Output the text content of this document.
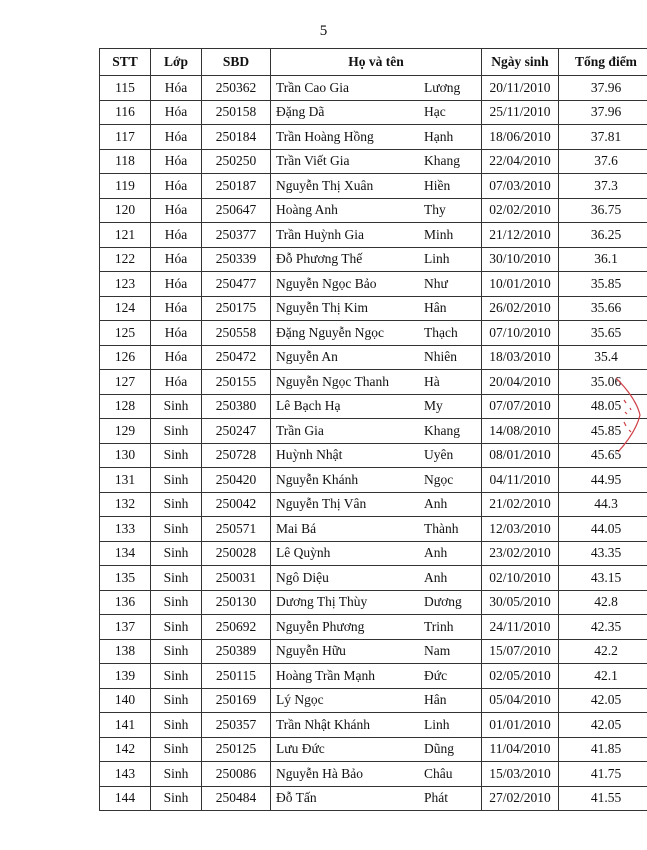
5
STT	Lớp	SBD	Họ và tên	Ngày sinh	Tổng điểm
115	Hóa	250362	Trần Cao Gia Lương	20/11/2010	37.96
116	Hóa	250158	Đặng Dã Hạc	25/11/2010	37.96
117	Hóa	250184	Trần Hoàng Hồng Hạnh	18/06/2010	37.81
118	Hóa	250250	Trần Viết Gia Khang	22/04/2010	37.6
119	Hóa	250187	Nguyễn Thị Xuân Hiền	07/03/2010	37.3
120	Hóa	250647	Hoàng Anh Thy	02/02/2010	36.75
121	Hóa	250377	Trần Huỳnh Gia Minh	21/12/2010	36.25
122	Hóa	250339	Đỗ Phương Thế Linh	30/10/2010	36.1
123	Hóa	250477	Nguyễn Ngọc Bảo Như	10/01/2010	35.85
124	Hóa	250175	Nguyễn Thị Kim Hân	26/02/2010	35.66
125	Hóa	250558	Đặng Nguyễn Ngọc Thạch	07/10/2010	35.65
126	Hóa	250472	Nguyễn An Nhiên	18/03/2010	35.4
127	Hóa	250155	Nguyễn Ngọc Thanh Hà	20/04/2010	35.06
128	Sinh	250380	Lê Bạch Hạ My	07/07/2010	48.05
129	Sinh	250247	Trần Gia Khang	14/08/2010	45.85
130	Sinh	250728	Huỳnh Nhật Uyên	08/01/2010	45.65
131	Sinh	250420	Nguyễn Khánh Ngọc	04/11/2010	44.95
132	Sinh	250042	Nguyễn Thị Vân Anh	21/02/2010	44.3
133	Sinh	250571	Mai Bá Thành	12/03/2010	44.05
134	Sinh	250028	Lê Quỳnh Anh	23/02/2010	43.35
135	Sinh	250031	Ngô Diệu Anh	02/10/2010	43.15
136	Sinh	250130	Dương Thị Thùy Dương	30/05/2010	42.8
137	Sinh	250692	Nguyễn Phương Trinh	24/11/2010	42.35
138	Sinh	250389	Nguyễn Hữu Nam	15/07/2010	42.2
139	Sinh	250115	Hoàng Trần Mạnh Đức	02/05/2010	42.1
140	Sinh	250169	Lý Ngọc Hân	05/04/2010	42.05
141	Sinh	250357	Trần Nhật Khánh Linh	01/01/2010	42.05
142	Sinh	250125	Lưu Đức Dũng	11/04/2010	41.85
143	Sinh	250086	Nguyễn Hà Bảo Châu	15/03/2010	41.75
144	Sinh	250484	Đỗ Tấn Phát	27/02/2010	41.55
